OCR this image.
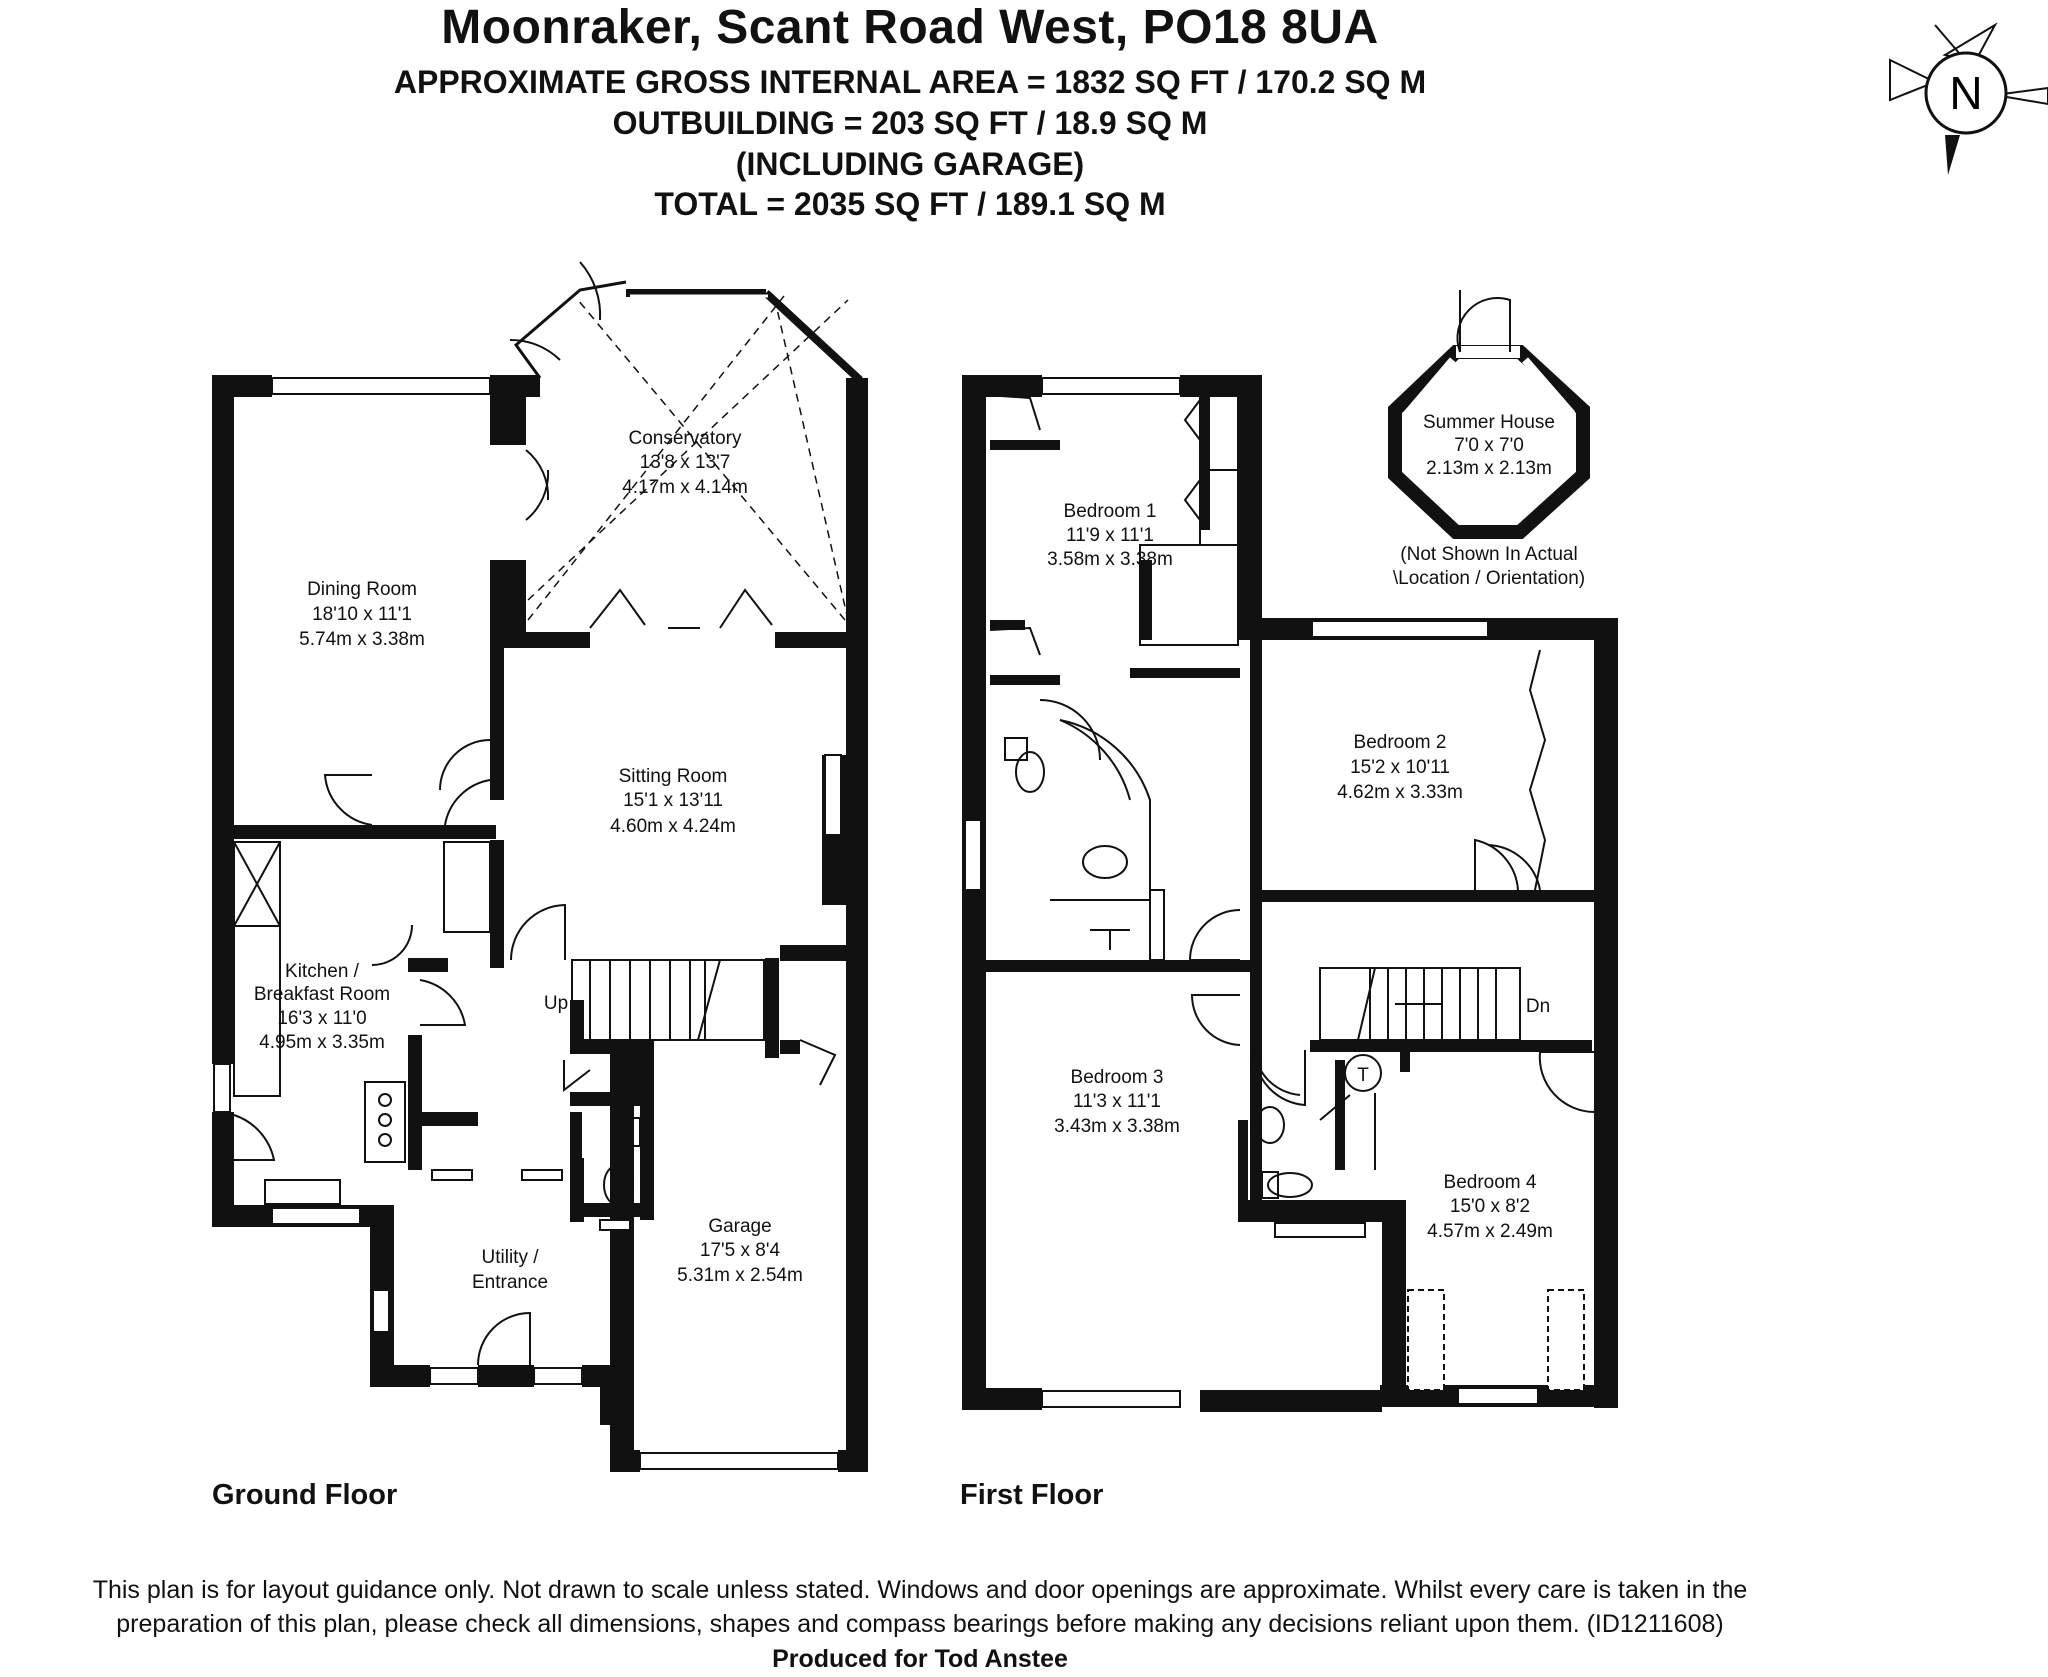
Moonraker, Scant Road West, PO18 8UA
APPROXIMATE GROSS INTERNAL AREA = 1832 SQ FT / 170.2 SQ M
OUTBUILDING = 203 SQ FT / 18.9 SQ M
(INCLUDING GARAGE)
TOTAL = 2035 SQ FT / 189.1 SQ M
N
Conservatory
13'8 x 13'7
4.17m x 4.14m
Dining Room
18'10 x 11'1
5.74m x 3.38m
Sitting Room
15'1 x 13'11
4.60m x 4.24m
Kitchen /
Breakfast Room
16'3 x 11'0
4.95m x 3.35m
Utility /
Entrance
Garage
17'5 x 8'4
5.31m x 2.54m
Up
Bedroom 1
11'9 x 11'1
3.58m x 3.38m
Bedroom 2
15'2 x 10'11
4.62m x 3.33m
Bedroom 3
11'3 x 11'1
3.43m x 3.38m
Bedroom 4
15'0 x 8'2
4.57m x 2.49m
Dn
T
Summer House
7'0 x 7'0
2.13m x 2.13m
(Not Shown In Actual
\Location / Orientation)
Ground Floor	First Floor
This plan is for layout guidance only. Not drawn to scale unless stated. Windows and door openings are approximate. Whilst every care is taken in the
preparation of this plan, please check all dimensions, shapes and compass bearings before making any decisions reliant upon them. (ID1211608)
Produced for Tod Anstee
